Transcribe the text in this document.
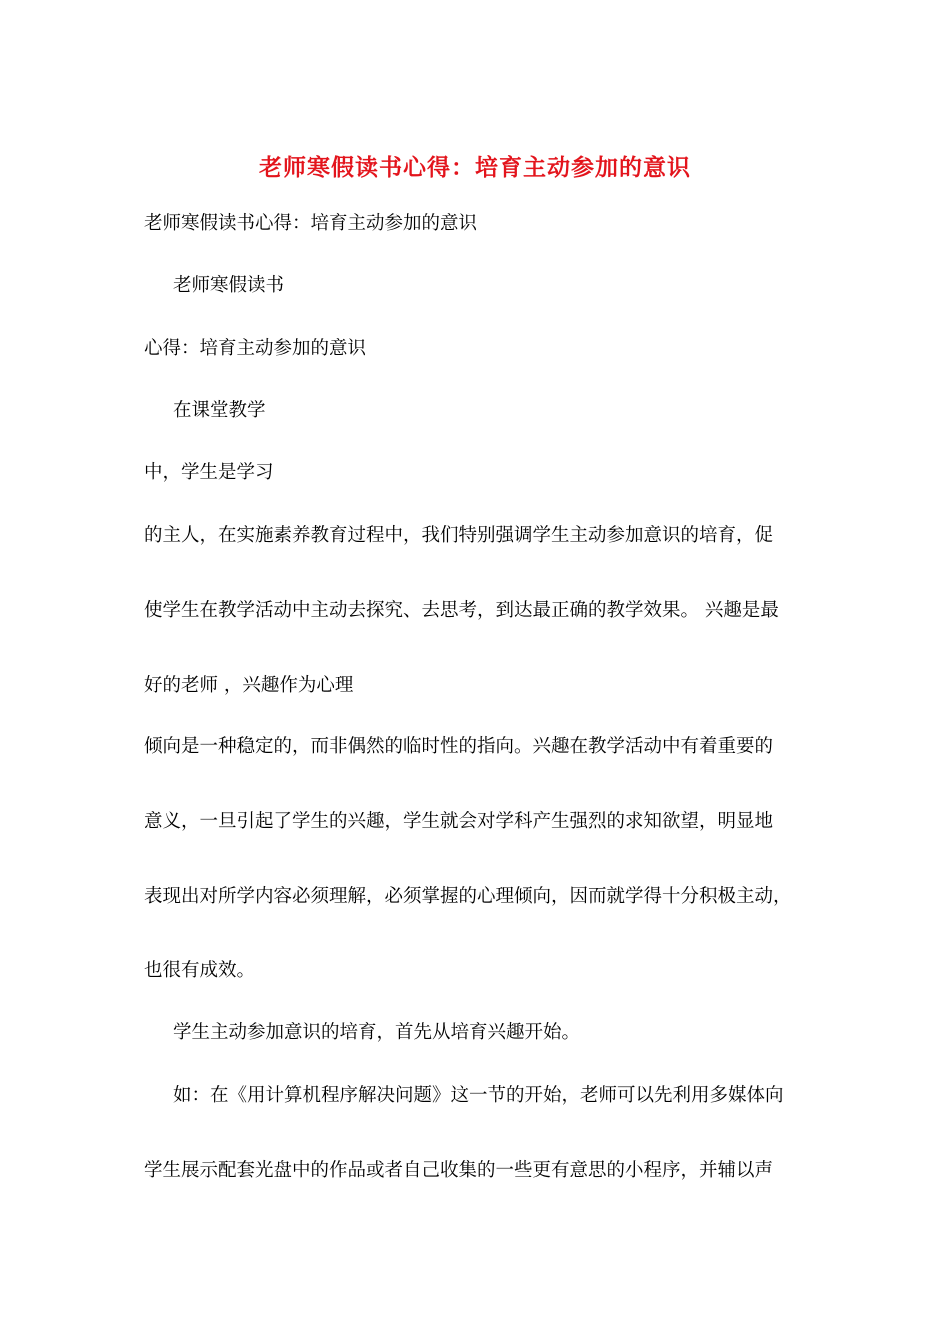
老师寒假读书心得：培育主动参加的意识
老师寒假读书心得：培育主动参加的意识
老师寒假读书
心得：培育主动参加的意识
在课堂教学
中，学生是学习
的主人，在实施素养教育过程中，我们特别强调学生主动参加意识的培育，促
使学生在教学活动中主动去探究、去思考，到达最正确的教学效果。 兴趣是最
好的老师 ，兴趣作为心理
倾向是一种稳定的，而非偶然的临时性的指向。兴趣在教学活动中有着重要的
意义，一旦引起了学生的兴趣，学生就会对学科产生强烈的求知欲望，明显地
表现出对所学内容必须理解，必须掌握的心理倾向，因而就学得十分积极主动，
也很有成效。
学生主动参加意识的培育，首先从培育兴趣开始。
如：在《用计算机程序解决问题》这一节的开始，老师可以先利用多媒体向
学生展示配套光盘中的作品或者自己收集的一些更有意思的小程序，并辅以声
